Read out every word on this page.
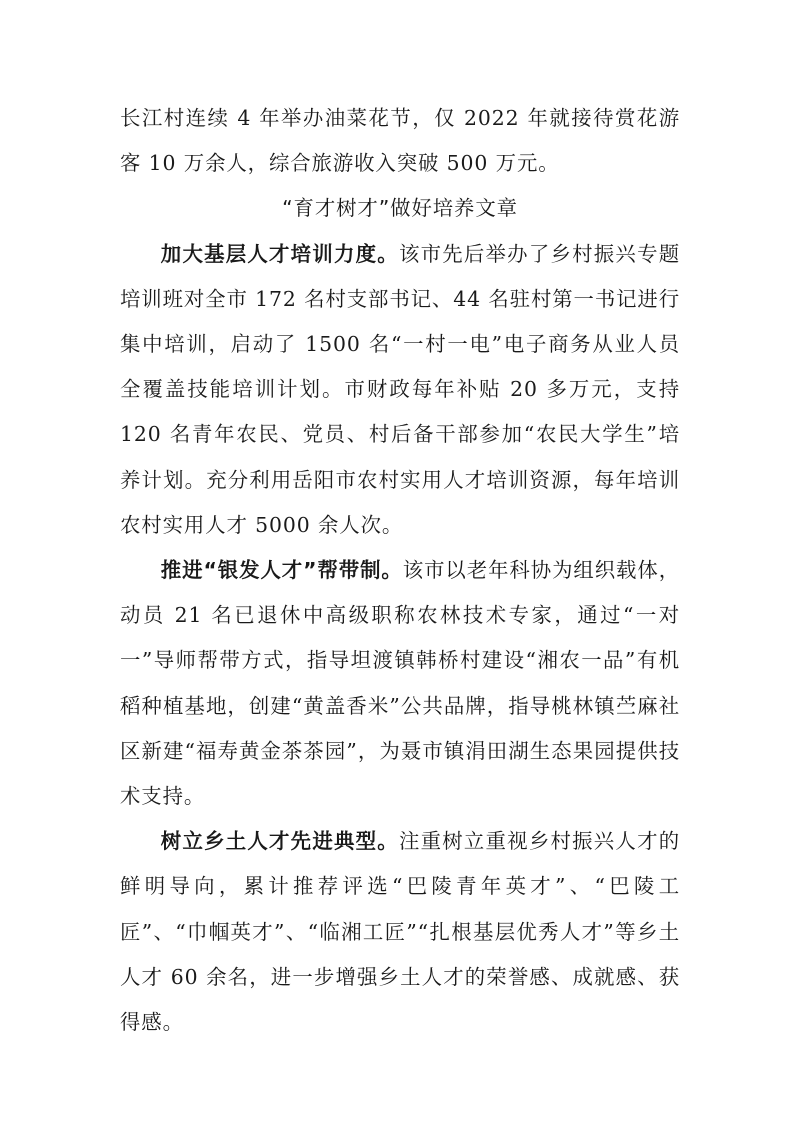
长江村连续 4 年举办油菜花节，仅 2022 年就接待赏花游客 10 万余人，综合旅游收入突破 500 万元。

“育才树才”做好培养文章

加大基层人才培训力度。该市先后举办了乡村振兴专题培训班对全市 172 名村支部书记、44 名驻村第一书记进行集中培训，启动了 1500 名“一村一电”电子商务从业人员全覆盖技能培训计划。市财政每年补贴 20 多万元，支持 120 名青年农民、党员、村后备干部参加“农民大学生”培养计划。充分利用岳阳市农村实用人才培训资源，每年培训农村实用人才 5000 余人次。

推进“银发人才”帮带制。该市以老年科协为组织载体，动员 21 名已退休中高级职称农林技术专家，通过“一对一”导师帮带方式，指导坦渡镇韩桥村建设“湘农一品”有机稻种植基地，创建“黄盖香米”公共品牌，指导桃林镇苎麻社区新建“福寿黄金茶茶园”，为聂市镇涓田湖生态果园提供技术支持。

树立乡土人才先进典型。注重树立重视乡村振兴人才的鲜明导向，累计推荐评选“巴陵青年英才”、“巴陵工匠”、“巾帼英才”、“临湘工匠”“扎根基层优秀人才”等乡土人才 60 余名，进一步增强乡土人才的荣誉感、成就感、获得感。
